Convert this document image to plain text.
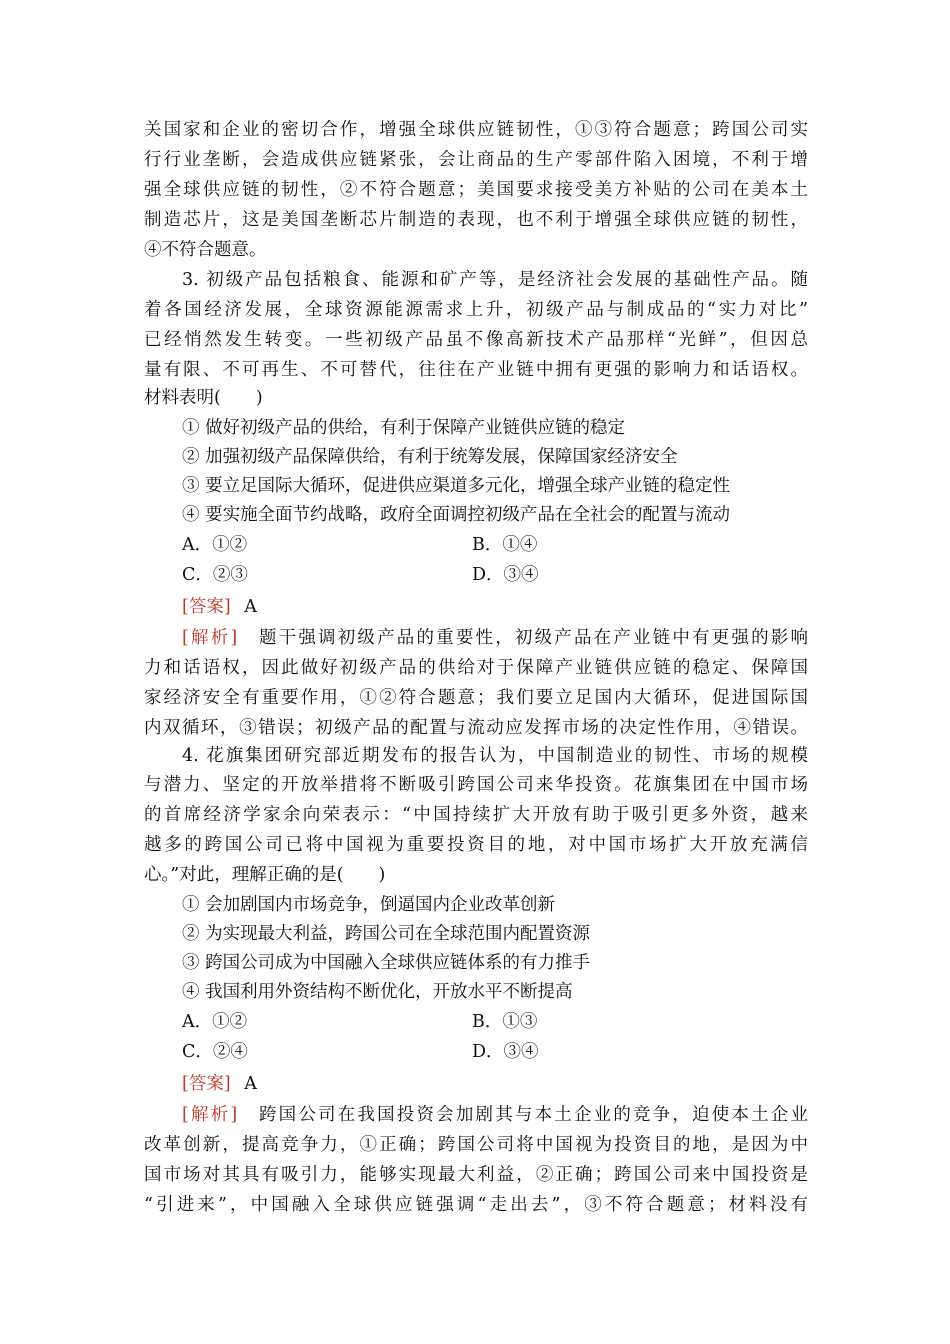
关国家和企业的密切合作，增强全球供应链韧性，①③符合题意；跨国公司实
行行业垄断，会造成供应链紧张，会让商品的生产零部件陷入困境，不利于增
强全球供应链的韧性，②不符合题意；美国要求接受美方补贴的公司在美本土
制造芯片，这是美国垄断芯片制造的表现，也不利于增强全球供应链的韧性，
④不符合题意。
3. 初级产品包括粮食、能源和矿产等，是经济社会发展的基础性产品。随
着各国经济发展，全球资源能源需求上升，初级产品与制成品的“实力对比”
已经悄然发生转变。一些初级产品虽不像高新技术产品那样“光鲜”，但因总
量有限、不可再生、不可替代，往往在产业链中拥有更强的影响力和话语权。
材料表明(　　)
① 做好初级产品的供给，有利于保障产业链供应链的稳定
② 加强初级产品保障供给，有利于统筹发展，保障国家经济安全
③ 要立足国际大循环，促进供应渠道多元化，增强全球产业链的稳定性
④ 要实施全面节约战略，政府全面调控初级产品在全社会的配置与流动
A．①②	B．①④
C．②③	D．③④
[答案] A
[解析] 题干强调初级产品的重要性，初级产品在产业链中有更强的影响
力和话语权，因此做好初级产品的供给对于保障产业链供应链的稳定、保障国
家经济安全有重要作用，①②符合题意；我们要立足国内大循环，促进国际国
内双循环，③错误；初级产品的配置与流动应发挥市场的决定性作用，④错误。
4. 花旗集团研究部近期发布的报告认为，中国制造业的韧性、市场的规模
与潜力、坚定的开放举措将不断吸引跨国公司来华投资。花旗集团在中国市场
的首席经济学家余向荣表示：“中国持续扩大开放有助于吸引更多外资，越来
越多的跨国公司已将中国视为重要投资目的地，对中国市场扩大开放充满信
心。”对此，理解正确的是(　　)
① 会加剧国内市场竞争，倒逼国内企业改革创新
② 为实现最大利益，跨国公司在全球范围内配置资源
③ 跨国公司成为中国融入全球供应链体系的有力推手
④ 我国利用外资结构不断优化，开放水平不断提高
A．①②	B．①③
C．②④	D．③④
[答案] A
[解析] 跨国公司在我国投资会加剧其与本土企业的竞争，迫使本土企业
改革创新，提高竞争力，①正确；跨国公司将中国视为投资目的地，是因为中
国市场对其具有吸引力，能够实现最大利益，②正确；跨国公司来中国投资是
“引进来”，中国融入全球供应链强调“走出去”，③不符合题意；材料没有
